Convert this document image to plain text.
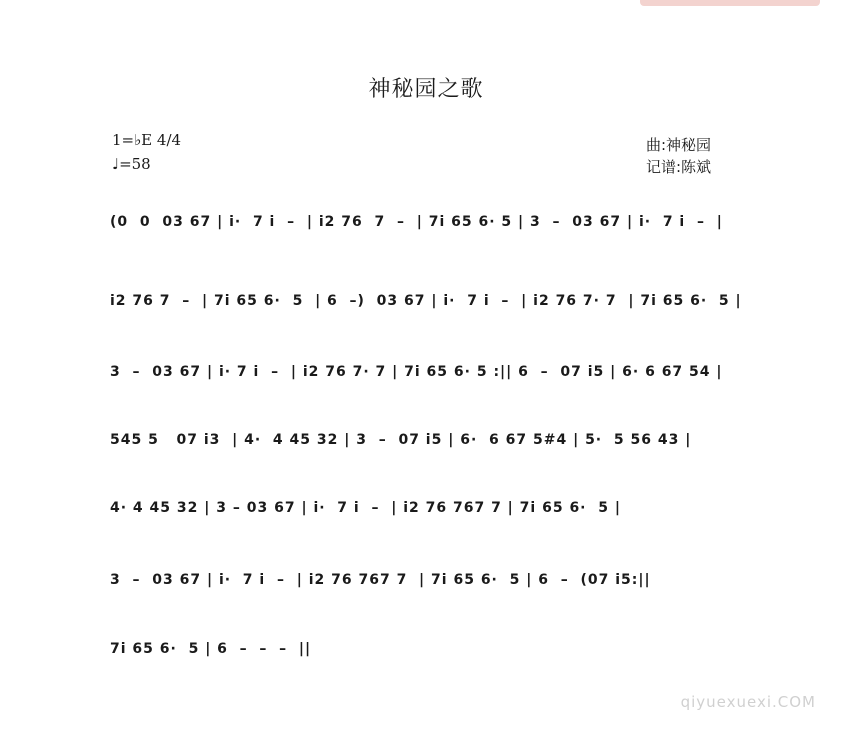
神秘园之歌
1=♭E 4/4
♩=58
曲:神秘园
记谱:陈斌
(0  0  03 67 | i·  7 i  –  | i2 76  7  –  | 7i 65 6· 5 | 3  –  03 67 | i·  7 i  –  |
i2 76 7  –  | 7i 65 6·  5  | 6  –)  03 67 | i·  7 i  –  | i2 76 7· 7  | 7i 65 6·  5 |
3  –  03 67 | i· 7 i  –  | i2 76 7· 7 | 7i 65 6· 5 :|| 6  –  07 i5 | 6· 6 67 54 |
545 5   07 i3  | 4·  4 45 32 | 3  –  07 i5 | 6·  6 67 5#4 | 5·  5 56 43 |
4· 4 45 32 | 3 – 03 67 | i·  7 i  –  | i2 76 767 7 | 7i 65 6·  5 |
3  –  03 67 | i·  7 i  –  | i2 76 767 7  | 7i 65 6·  5 | 6  –  (07 i5:||
7i 65 6·  5 | 6  –  –  –  ||
qiyuexuexi.COM
